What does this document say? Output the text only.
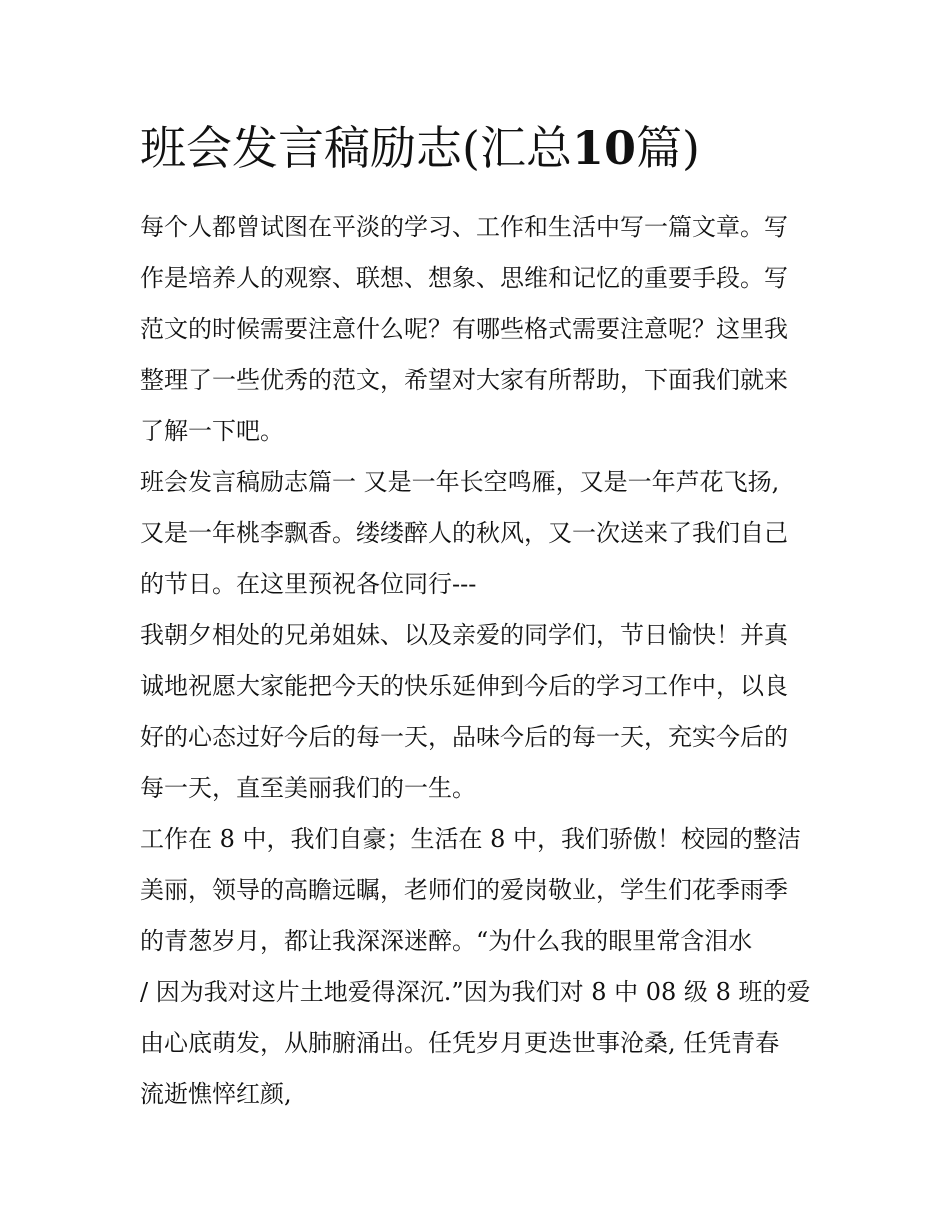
班会发言稿励志(汇总10篇)
每个人都曾试图在平淡的学习、工作和生活中写一篇文章。写
作是培养人的观察、联想、想象、思维和记忆的重要手段。写
范文的时候需要注意什么呢？有哪些格式需要注意呢？这里我
整理了一些优秀的范文，希望对大家有所帮助，下面我们就来
了解一下吧。
班会发言稿励志篇一 又是一年长空鸣雁，又是一年芦花飞扬,
又是一年桃李飘香。缕缕醉人的秋风，又一次送来了我们自己
的节日。在这里预祝各位同行---
我朝夕相处的兄弟姐妹、以及亲爱的同学们，节日愉快！并真
诚地祝愿大家能把今天的快乐延伸到今后的学习工作中，以良
好的心态过好今后的每一天，品味今后的每一天，充实今后的
每一天，直至美丽我们的一生。
工作在 8 中，我们自豪；生活在 8 中，我们骄傲！校园的整洁
美丽，领导的高瞻远瞩，老师们的爱岗敬业，学生们花季雨季
的青葱岁月，都让我深深迷醉。“为什么我的眼里常含泪水
/ 因为我对这片土地爱得深沉.”因为我们对 8 中 08 级 8 班的爱
由心底萌发，从肺腑涌出。任凭岁月更迭世事沧桑, 任凭青春
流逝憔悴红颜,
